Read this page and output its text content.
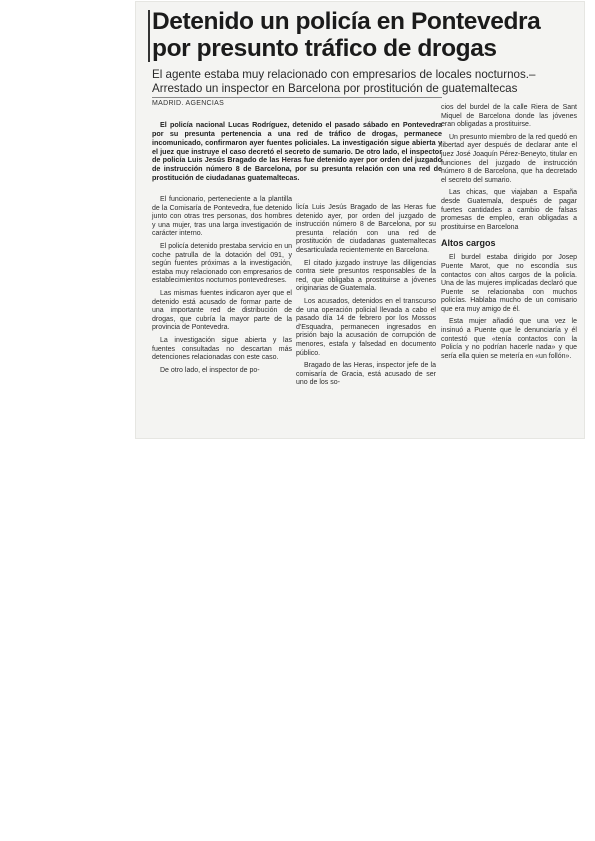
Detenido un policía en Pontevedra
por presunto tráfico de drogas
El agente estaba muy relacionado con empresarios de locales nocturnos.–
Arrestado un inspector en Barcelona por prostitución de guatemaltecas
MADRID. AGENCIAS

El policía nacional Lucas Rodríguez, detenido el pasado sábado en Pontevedra por su presunta pertenencia a una red de tráfico de drogas, permanece incomunicado, confirmaron ayer fuentes policiales. La investigación sigue abierta y el juez que instruye el caso decretó el secreto de sumario. De otro lado, el inspector de policía Luis Jesús Bragado de las Heras fue detenido ayer por orden del juzgado de instrucción número 8 de Barcelona, por su presunta relación con una red de prostitución de ciudadanas guatemaltecas.

El funcionario, perteneciente a la plantilla de la Comisaría de Pontevedra, fue detenido junto con otras tres personas, dos hombres y una mujer, tras una larga investigación de carácter interno.

El policía detenido prestaba servicio en un coche patrulla de la dotación del 091, y según fuentes próximas a la investigación, estaba muy relacionado con empresarios de establecimientos nocturnos pontevedreses.

Las mismas fuentes indicaron ayer que el detenido está acusado de formar parte de una importante red de distribución de drogas, que cubría la mayor parte de la provincia de Pontevedra.

La investigación sigue abierta y las fuentes consultadas no descartan más detenciones relacionadas con este caso.

De otro lado, el inspector de po-

licía Luis Jesús Bragado de las Heras fue detenido ayer, por orden del juzgado de instrucción número 8 de Barcelona, por su presunta relación con una red de prostitución de ciudadanas guatemaltecas desarticulada recientemente en Barcelona.

El citado juzgado instruye las diligencias contra siete presuntos responsables de la red, que obligaba a prostituirse a jóvenes originarias de Guatemala.

Los acusados, detenidos en el transcurso de una operación policial llevada a cabo el pasado día 14 de febrero por los Mossos d'Esquadra, permanecen ingresados en prisión bajo la acusación de corrupción de menores, estafa y falsedad en documento público.

Bragado de las Heras, inspector jefe de la comisaría de Gracia, está acusado de ser uno de los so-

cios del burdel de la calle Riera de Sant Miquel de Barcelona donde las jóvenes eran obligadas a prostituirse.

Un presunto miembro de la red quedó en libertad ayer después de declarar ante el juez José Joaquín Pérez-Beneyto, titular en funciones del juzgado de instrucción número 8 de Barcelona, que ha decretado el secreto del sumario.

Las chicas, que viajaban a España desde Guatemala, después de pagar fuertes cantidades a cambio de falsas promesas de empleo, eran obligadas a prostituirse en Barcelona

Altos cargos

El burdel estaba dirigido por Josep Puente Marot, que no escondía sus contactos con altos cargos de la policía. Una de las mujeres implicadas declaró que Puente se relacionaba con muchos policías. Hablaba mucho de un comisario que era muy amigo de él.

Esta mujer añadió que una vez le insinuó a Puente que le denunciaría y él contestó que «tenía contactos con la Policía y no podrían hacerle nada» y que sería ella quien se metería en «un follón».
